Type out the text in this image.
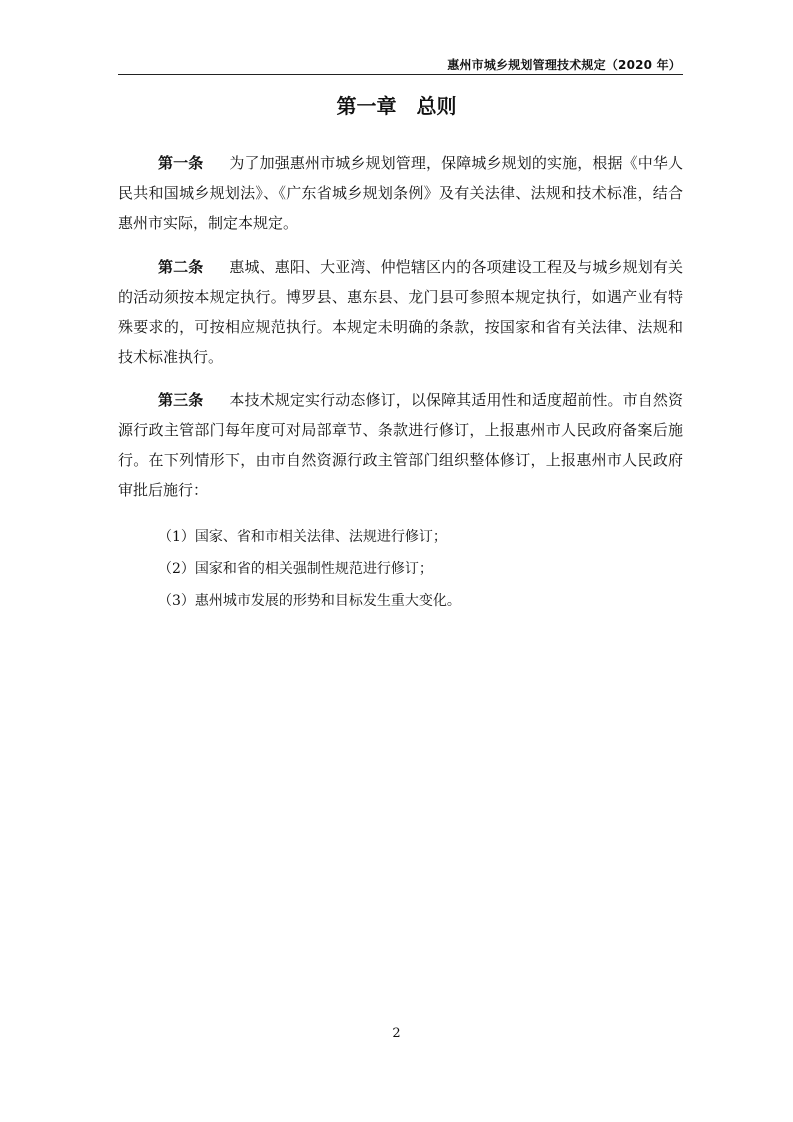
惠州市城乡规划管理技术规定（2020 年）
第一章　总则

第一条 为了加强惠州市城乡规划管理，保障城乡规划的实施，根据《中华人民共和国城乡规划法》、《广东省城乡规划条例》及有关法律、法规和技术标准，结合惠州市实际，制定本规定。

第二条 惠城、惠阳、大亚湾、仲恺辖区内的各项建设工程及与城乡规划有关的活动须按本规定执行。博罗县、惠东县、龙门县可参照本规定执行，如遇产业有特殊要求的，可按相应规范执行。本规定未明确的条款，按国家和省有关法律、法规和技术标准执行。

第三条 本技术规定实行动态修订，以保障其适用性和适度超前性。市自然资源行政主管部门每年度可对局部章节、条款进行修订，上报惠州市人民政府备案后施行。在下列情形下，由市自然资源行政主管部门组织整体修订，上报惠州市人民政府审批后施行：

（1）国家、省和市相关法律、法规进行修订；
（2）国家和省的相关强制性规范进行修订；
（3）惠州城市发展的形势和目标发生重大变化。
2
